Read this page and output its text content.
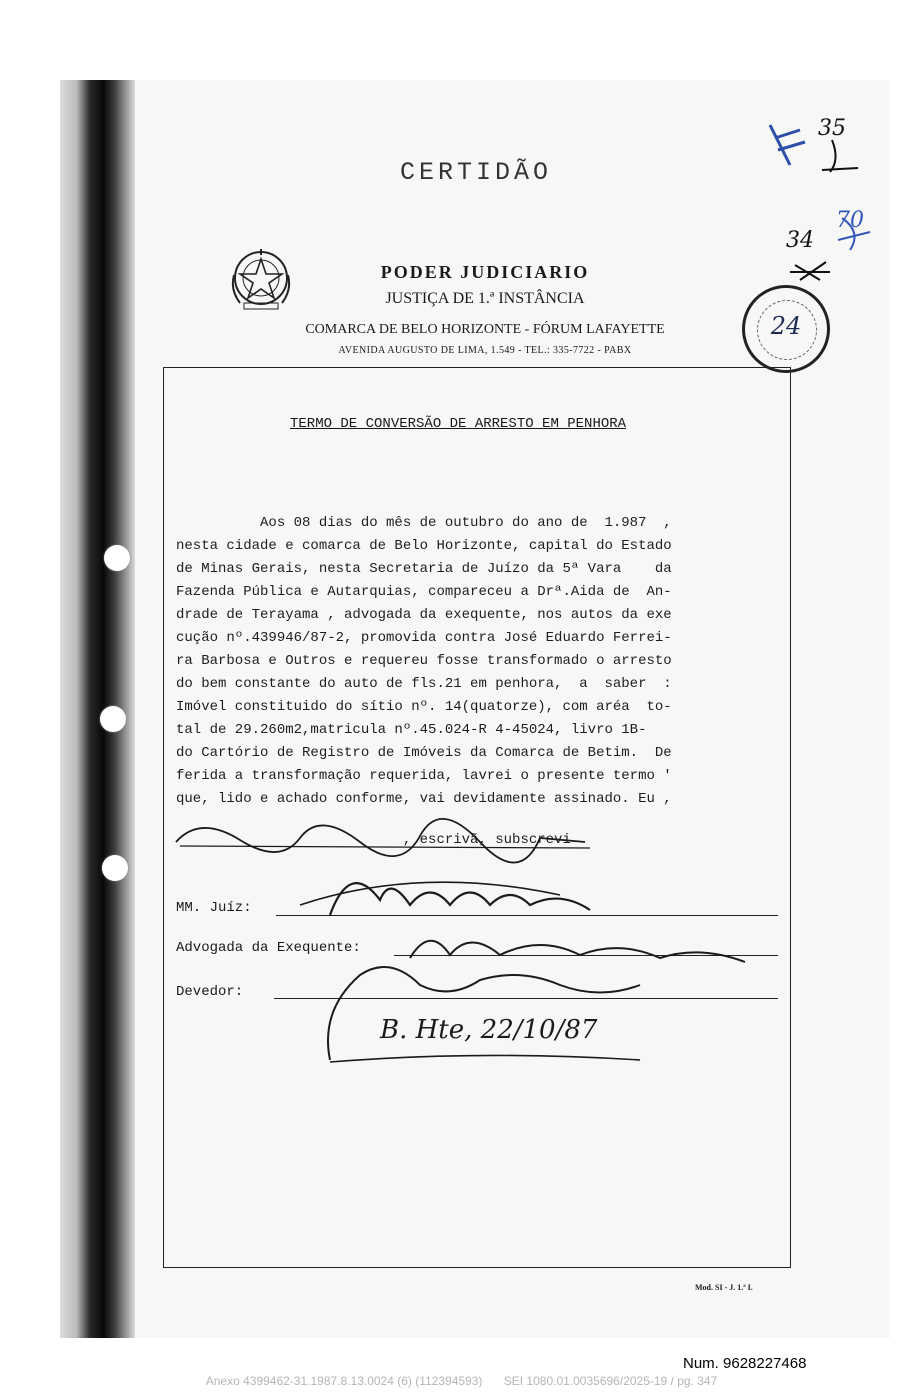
CERTIDÃO
35
70
34
PODER JUDICIARIO
JUSTIÇA DE 1.ª INSTÂNCIA
COMARCA DE BELO HORIZONTE - FÓRUM LAFAYETTE
AVENIDA AUGUSTO DE LIMA, 1.549 - TEL.: 335-7722 - PABX
24
TERMO DE CONVERSÃO DE ARRESTO EM PENHORA
Aos 08 dias do mês de outubro do ano de  1.987  ,
nesta cidade e comarca de Belo Horizonte, capital do Estado
de Minas Gerais, nesta Secretaria de Juízo da 5ª Vara    da
Fazenda Pública e Autarquias, compareceu a Drª.Aida de  An-
drade de Terayama , advogada da exequente, nos autos da exe
cução nº.439946/87-2, promovida contra José Eduardo Ferrei-
ra Barbosa e Outros e requereu fosse transformado o arresto
do bem constante do auto de fls.21 em penhora,  a  saber  :
Imóvel constituido do sítio nº. 14(quatorze), com aréa  to-
tal de 29.260m2,matricula nº.45.024-R 4-45024, livro 1B-
do Cartório de Registro de Imóveis da Comarca de Betim.  De
ferida a transformação requerida, lavrei o presente termo '
que, lido e achado conforme, vai devidamente assinado. Eu ,
, escrivã, subscrevi
MM. Juíz:
Advogada da Exequente:
Devedor:
B. Hte, 22/10/87
Mod. SI - J. 1.ª I.
Num. 9628227468
Anexo 4399462-31.1987.8.13.0024 (6) (112394593) SEI 1080.01.0035696/2025-19 / pg. 347
